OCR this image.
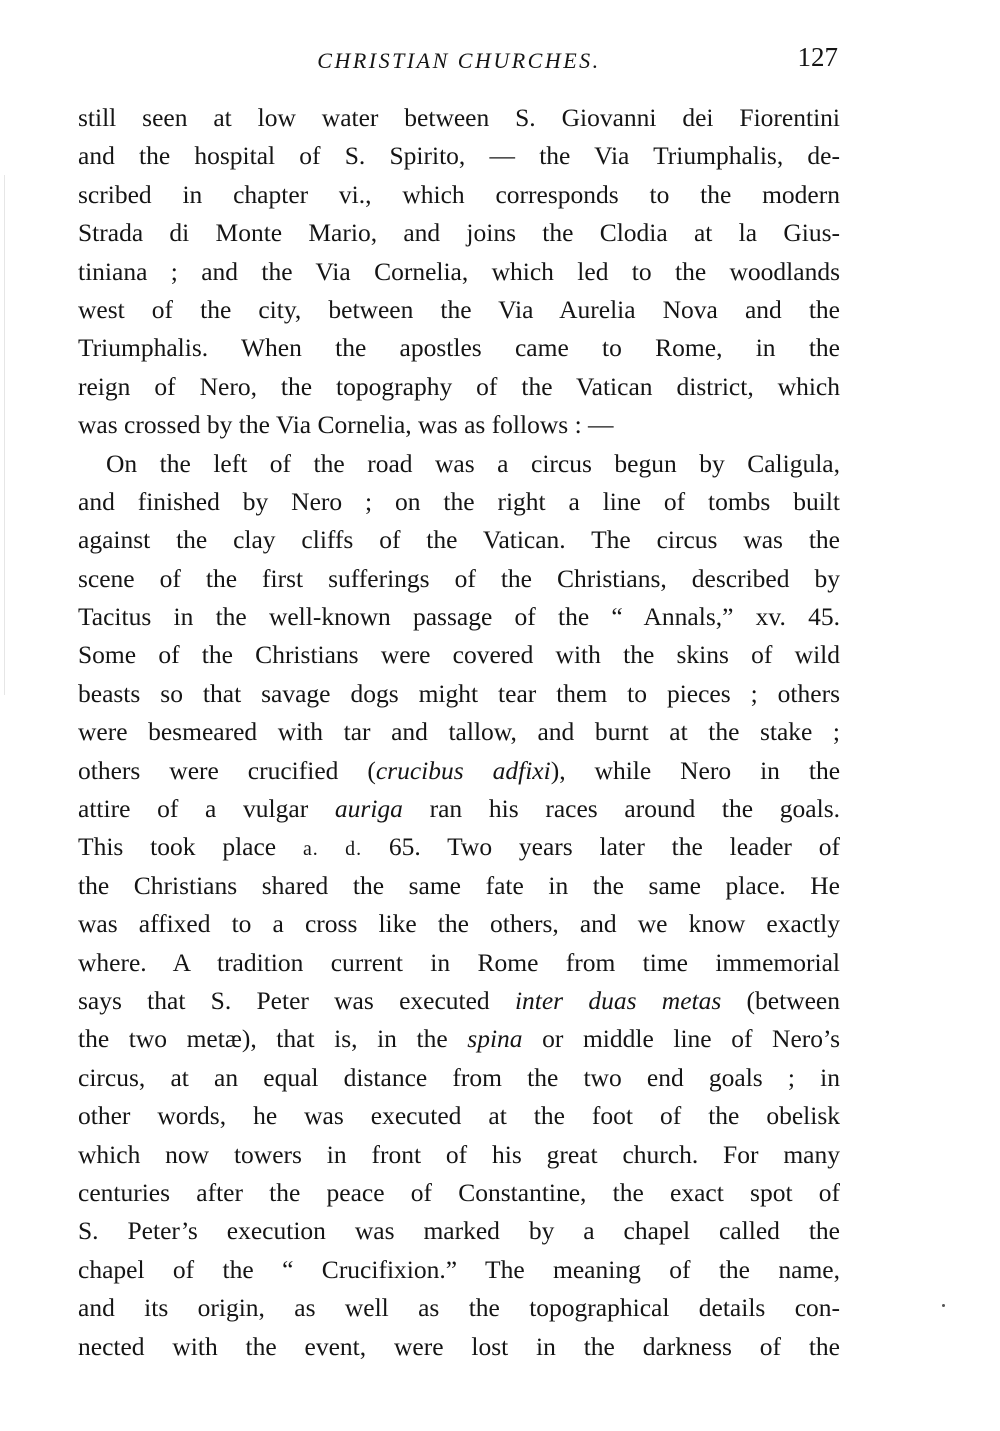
CHRISTIAN CHURCHES.	127
still seen at low water between S. Giovanni dei Fiorentini
and the hospital of S. Spirito, — the Via Triumphalis, de-
scribed in chapter vi., which corresponds to the modern
Strada di Monte Mario, and joins the Clodia at la Gius-
tiniana ; and the Via Cornelia, which led to the woodlands
west of the city, between the Via Aurelia Nova and the
Triumphalis. When the apostles came to Rome, in the
reign of Nero, the topography of the Vatican district, which
was crossed by the Via Cornelia, was as follows : —
On the left of the road was a circus begun by Caligula,
and finished by Nero ; on the right a line of tombs built
against the clay cliffs of the Vatican. The circus was the
scene of the first sufferings of the Christians, described by
Tacitus in the well-known passage of the “ Annals,” xv. 45.
Some of the Christians were covered with the skins of wild
beasts so that savage dogs might tear them to pieces ; others
were besmeared with tar and tallow, and burnt at the stake ;
others were crucified (crucibus adfixi), while Nero in the
attire of a vulgar auriga ran his races around the goals.
This took place a. d. 65. Two years later the leader of
the Christians shared the same fate in the same place. He
was affixed to a cross like the others, and we know exactly
where. A tradition current in Rome from time immemorial
says that S. Peter was executed inter duas metas (between
the two metæ), that is, in the spina or middle line of Nero’s
circus, at an equal distance from the two end goals ; in
other words, he was executed at the foot of the obelisk
which now towers in front of his great church. For many
centuries after the peace of Constantine, the exact spot of
S. Peter’s execution was marked by a chapel called the
chapel of the “ Crucifixion.” The meaning of the name,
and its origin, as well as the topographical details con-
nected with the event, were lost in the darkness of the
